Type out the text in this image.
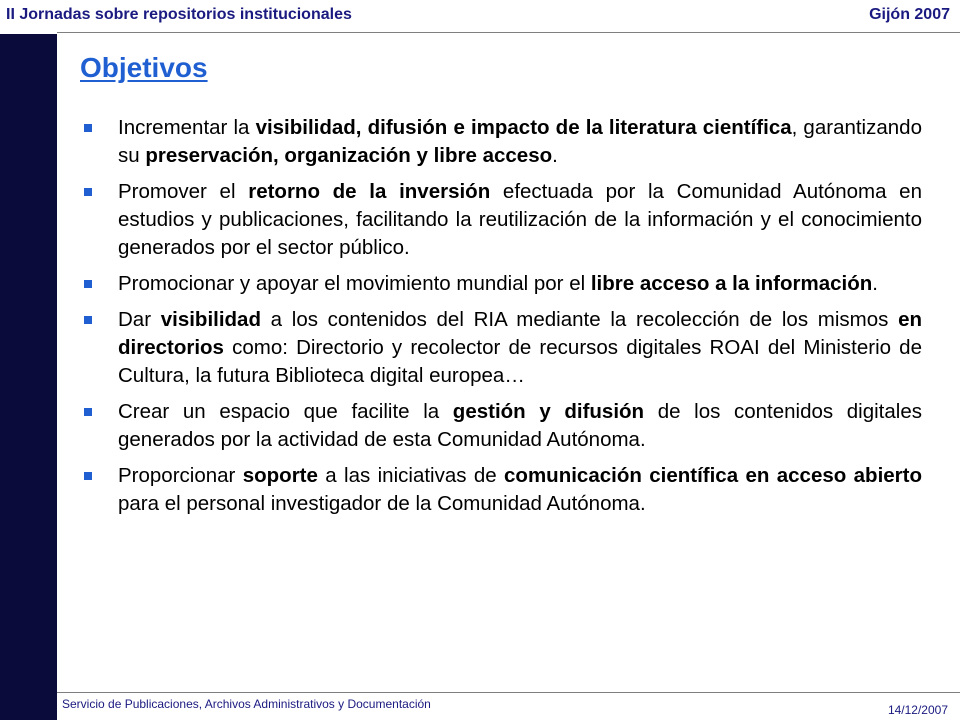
II Jornadas sobre repositorios institucionales	Gijón 2007
Objetivos
Incrementar la visibilidad, difusión e impacto de la literatura científica, garantizando su preservación, organización y libre acceso.
Promover el retorno de la inversión efectuada por la Comunidad Autónoma en estudios y publicaciones, facilitando la reutilización de la información y el conocimiento generados por el sector público.
Promocionar y apoyar el movimiento mundial por el libre acceso a la información.
Dar visibilidad a los contenidos del RIA mediante la recolección de los mismos en directorios como: Directorio y recolector de recursos digitales ROAI del Ministerio de Cultura, la futura Biblioteca digital europea…
Crear un espacio que facilite la gestión y difusión de los contenidos digitales generados por la actividad de esta Comunidad Autónoma.
Proporcionar soporte a las iniciativas de comunicación científica en acceso abierto para el personal investigador de la Comunidad Autónoma.
Servicio de Publicaciones, Archivos Administrativos y Documentación	14/12/2007
